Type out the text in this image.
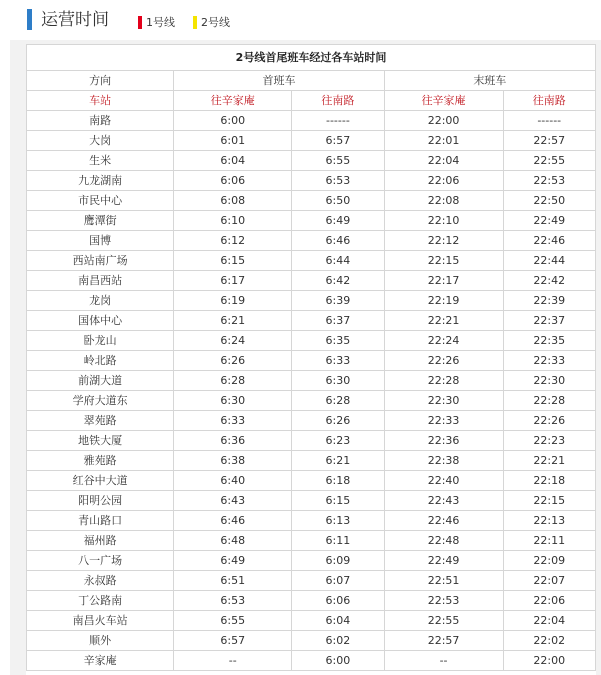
运营时间	1号线 2号线
2号线首尾班车经过各车站时间				
方向	首班车		末班车	
车站	往辛家庵	往南路	往辛家庵	往南路
南路	6:00	------	22:00	------
大岗	6:01	6:57	22:01	22:57
生米	6:04	6:55	22:04	22:55
九龙湖南	6:06	6:53	22:06	22:53
市民中心	6:08	6:50	22:08	22:50
鹰潭街	6:10	6:49	22:10	22:49
国博	6:12	6:46	22:12	22:46
西站南广场	6:15	6:44	22:15	22:44
南昌西站	6:17	6:42	22:17	22:42
龙岗	6:19	6:39	22:19	22:39
国体中心	6:21	6:37	22:21	22:37
卧龙山	6:24	6:35	22:24	22:35
岭北路	6:26	6:33	22:26	22:33
前湖大道	6:28	6:30	22:28	22:30
学府大道东	6:30	6:28	22:30	22:28
翠苑路	6:33	6:26	22:33	22:26
地铁大厦	6:36	6:23	22:36	22:23
雅苑路	6:38	6:21	22:38	22:21
红谷中大道	6:40	6:18	22:40	22:18
阳明公园	6:43	6:15	22:43	22:15
青山路口	6:46	6:13	22:46	22:13
福州路	6:48	6:11	22:48	22:11
八一广场	6:49	6:09	22:49	22:09
永叔路	6:51	6:07	22:51	22:07
丁公路南	6:53	6:06	22:53	22:06
南昌火车站	6:55	6:04	22:55	22:04
顺外	6:57	6:02	22:57	22:02
辛家庵	--	6:00	--	22:00
